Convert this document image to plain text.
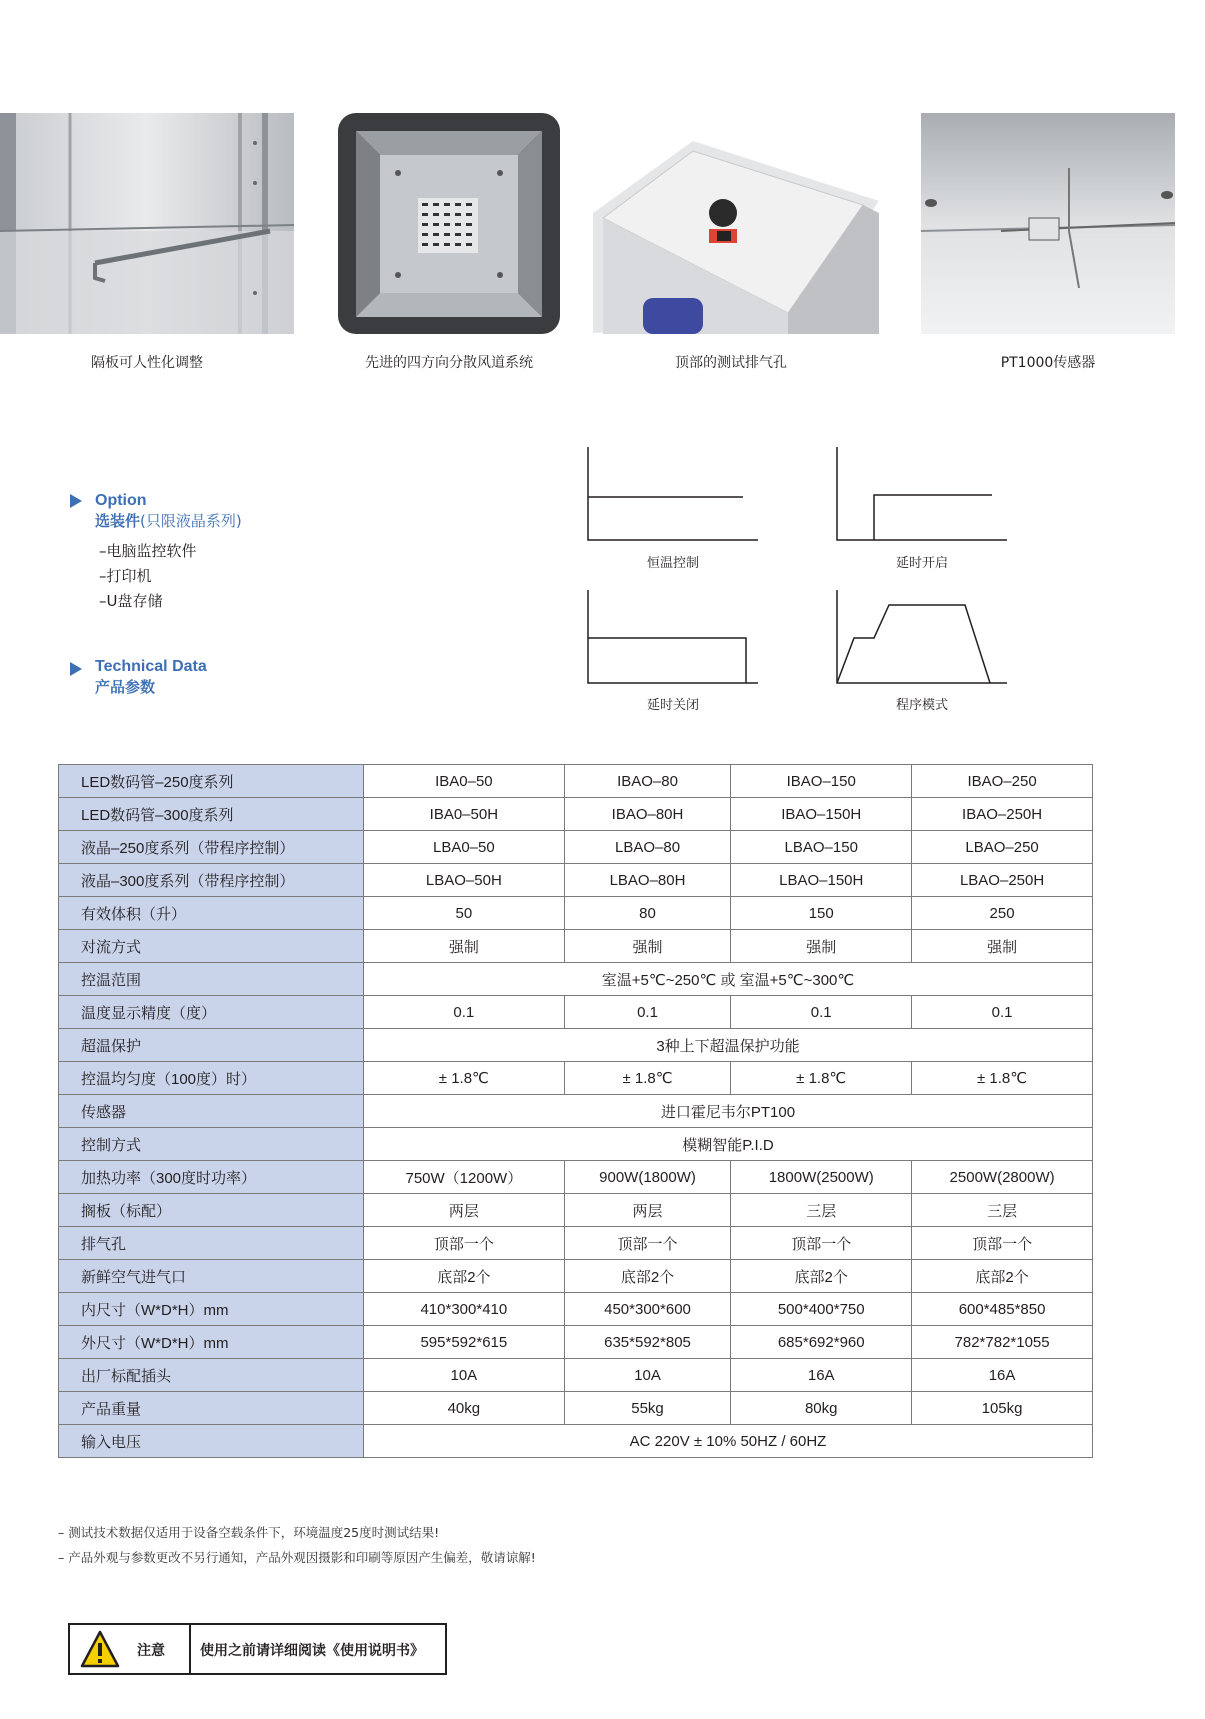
隔板可人性化调整	先进的四方向分散风道系统	顶部的测试排气孔	PT1000传感器
Option
选装件(只限液晶系列)
–电脑监控软件
–打印机
–U盘存储
Technical Data
产品参数
恒温控制	延时开启
延时关闭	程序模式
LED数码管–250度系列	IBA0–50	IBAO–80	IBAO–150	IBAO–250
LED数码管–300度系列	IBA0–50H	IBAO–80H	IBAO–150H	IBAO–250H
液晶–250度系列（带程序控制）	LBA0–50	LBAO–80	LBAO–150	LBAO–250
液晶–300度系列（带程序控制）	LBAO–50H	LBAO–80H	LBAO–150H	LBAO–250H
有效体积（升）	50	80	150	250
对流方式	强制	强制	强制	强制
控温范围	室温+5℃~250℃ 或 室温+5℃~300℃			
温度显示精度（度）	0.1	0.1	0.1	0.1
超温保护	3种上下超温保护功能			
控温均匀度（100度）时）	± 1.8℃	± 1.8℃	± 1.8℃	± 1.8℃
传感器	进口霍尼韦尔PT100			
控制方式	模糊智能P.I.D			
加热功率（300度时功率）	750W（1200W）	900W(1800W)	1800W(2500W)	2500W(2800W)
搁板（标配）	两层	两层	三层	三层
排气孔	顶部一个	顶部一个	顶部一个	顶部一个
新鲜空气进气口	底部2个	底部2个	底部2个	底部2个
内尺寸（W*D*H）mm	410*300*410	450*300*600	500*400*750	600*485*850
外尺寸（W*D*H）mm	595*592*615	635*592*805	685*692*960	782*782*1055
出厂标配插头	10A	10A	16A	16A
产品重量	40kg	55kg	80kg	105kg
输入电压	AC 220V ± 10% 50HZ / 60HZ			
– 测试技术数据仅适用于设备空载条件下，环境温度25度时测试结果!
– 产品外观与参数更改不另行通知，产品外观因摄影和印刷等原因产生偏差，敬请谅解!
注意	使用之前请详细阅读《使用说明书》
